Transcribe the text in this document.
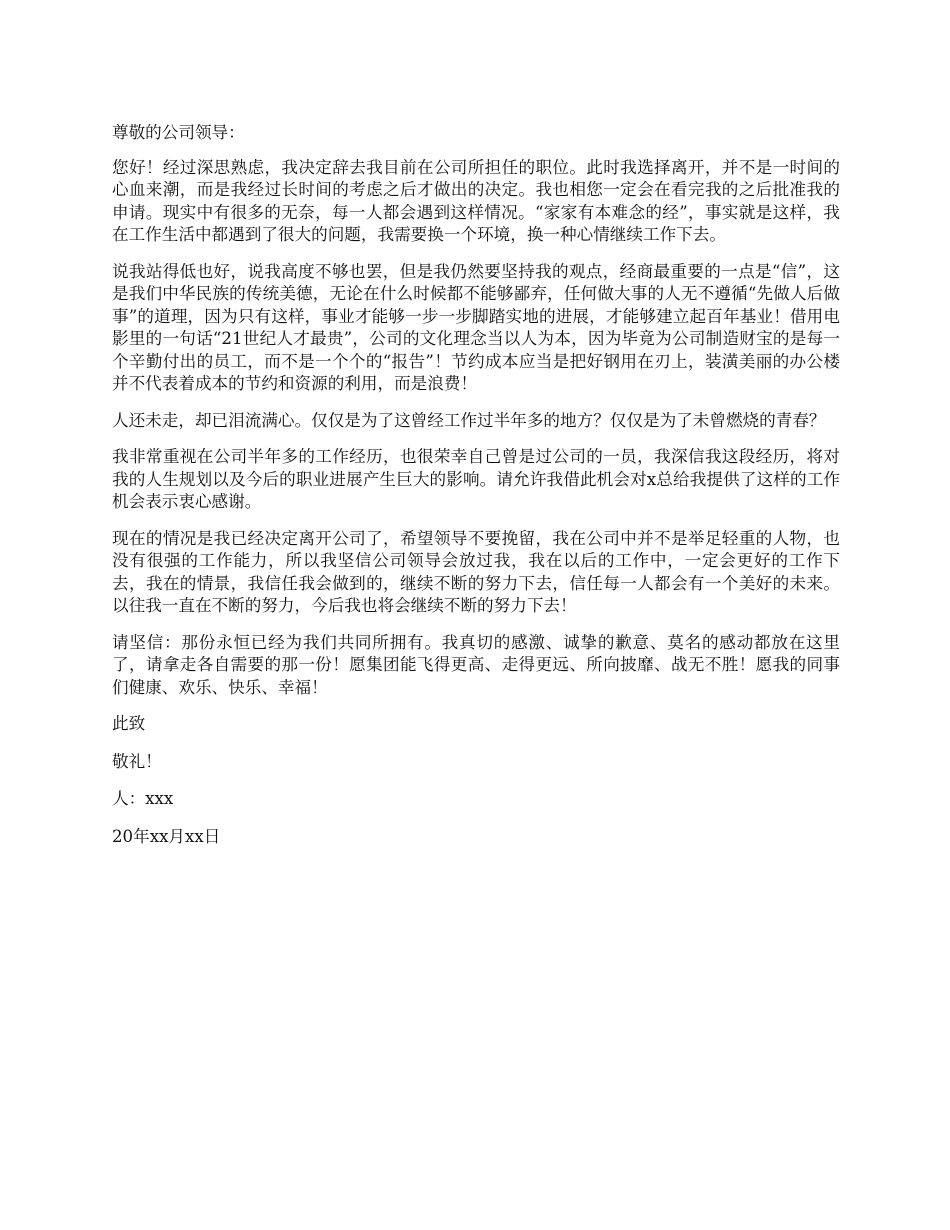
尊敬的公司领导：

您好！经过深思熟虑，我决定辞去我目前在公司所担任的职位。此时我选择离开，并不是一时间的心血来潮，而是我经过长时间的考虑之后才做出的决定。我也相您一定会在看完我的之后批准我的申请。现实中有很多的无奈，每一人都会遇到这样情况。“家家有本难念的经”，事实就是这样，我在工作生活中都遇到了很大的问题，我需要换一个环境，换一种心情继续工作下去。

说我站得低也好，说我高度不够也罢，但是我仍然要坚持我的观点，经商最重要的一点是“信”，这是我们中华民族的传统美德，无论在什么时候都不能够鄙弃，任何做大事的人无不遵循“先做人后做事”的道理，因为只有这样，事业才能够一步一步脚踏实地的进展，才能够建立起百年基业！借用电影里的一句话“21世纪人才最贵”，公司的文化理念当以人为本，因为毕竟为公司制造财宝的是每一个辛勤付出的员工，而不是一个个的“报告”！节约成本应当是把好钢用在刃上，装潢美丽的办公楼并不代表着成本的节约和资源的利用，而是浪费！

人还未走，却已泪流满心。仅仅是为了这曾经工作过半年多的地方？仅仅是为了未曾燃烧的青春？

我非常重视在公司半年多的工作经历，也很荣幸自己曾是过公司的一员，我深信我这段经历，将对我的人生规划以及今后的职业进展产生巨大的影响。请允许我借此机会对x总给我提供了这样的工作机会表示衷心感谢。

现在的情况是我已经决定离开公司了，希望领导不要挽留，我在公司中并不是举足轻重的人物，也没有很强的工作能力，所以我坚信公司领导会放过我，我在以后的工作中，一定会更好的工作下去，我在的情景，我信任我会做到的，继续不断的努力下去，信任每一人都会有一个美好的未来。以往我一直在不断的努力，今后我也将会继续不断的努力下去！

请坚信：那份永恒已经为我们共同所拥有。我真切的感激、诚挚的歉意、莫名的感动都放在这里了，请拿走各自需要的那一份！愿集团能飞得更高、走得更远、所向披靡、战无不胜！愿我的同事们健康、欢乐、快乐、幸福！

此致

敬礼！

人：xxx

20年xx月xx日
